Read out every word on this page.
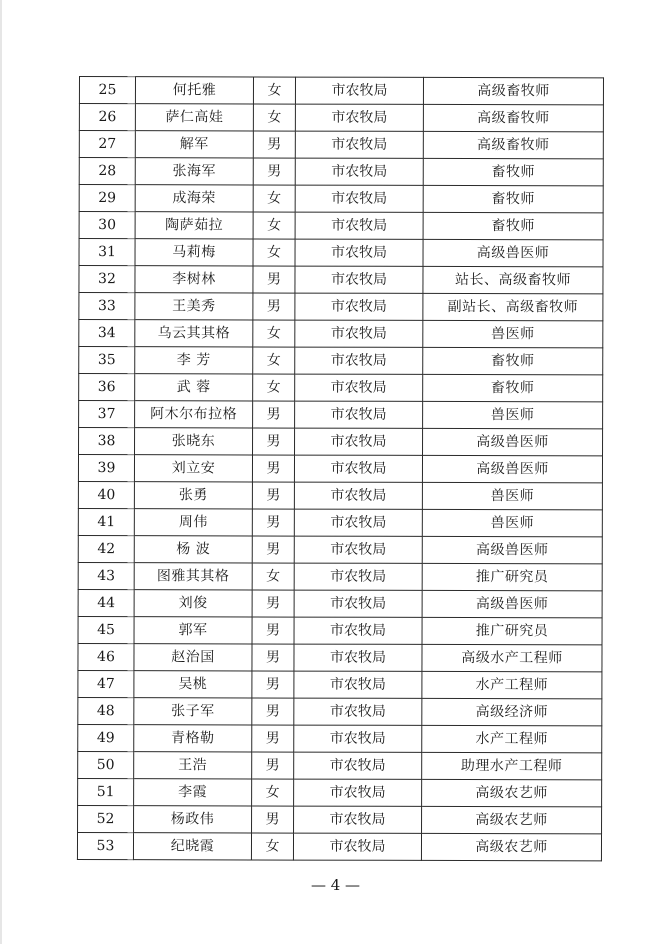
25	何托雅	女	市农牧局	高级畜牧师
26	萨仁高娃	女	市农牧局	高级畜牧师
27	解军	男	市农牧局	高级畜牧师
28	张海军	男	市农牧局	畜牧师
29	成海荣	女	市农牧局	畜牧师
30	陶萨茹拉	女	市农牧局	畜牧师
31	马莉梅	女	市农牧局	高级兽医师
32	李树林	男	市农牧局	站长、高级畜牧师
33	王美秀	男	市农牧局	副站长、高级畜牧师
34	乌云其其格	女	市农牧局	兽医师
35	李 芳	女	市农牧局	畜牧师
36	武 蓉	女	市农牧局	畜牧师
37	阿木尔布拉格	男	市农牧局	兽医师
38	张晓东	男	市农牧局	高级兽医师
39	刘立安	男	市农牧局	高级兽医师
40	张勇	男	市农牧局	兽医师
41	周伟	男	市农牧局	兽医师
42	杨 波	男	市农牧局	高级兽医师
43	图雅其其格	女	市农牧局	推广研究员
44	刘俊	男	市农牧局	高级兽医师
45	郭军	男	市农牧局	推广研究员
46	赵治国	男	市农牧局	高级水产工程师
47	吴桃	男	市农牧局	水产工程师
48	张子军	男	市农牧局	高级经济师
49	青格勒	男	市农牧局	水产工程师
50	王浩	男	市农牧局	助理水产工程师
51	李霞	女	市农牧局	高级农艺师
52	杨政伟	男	市农牧局	高级农艺师
53	纪晓霞	女	市农牧局	高级农艺师
— 4 —
